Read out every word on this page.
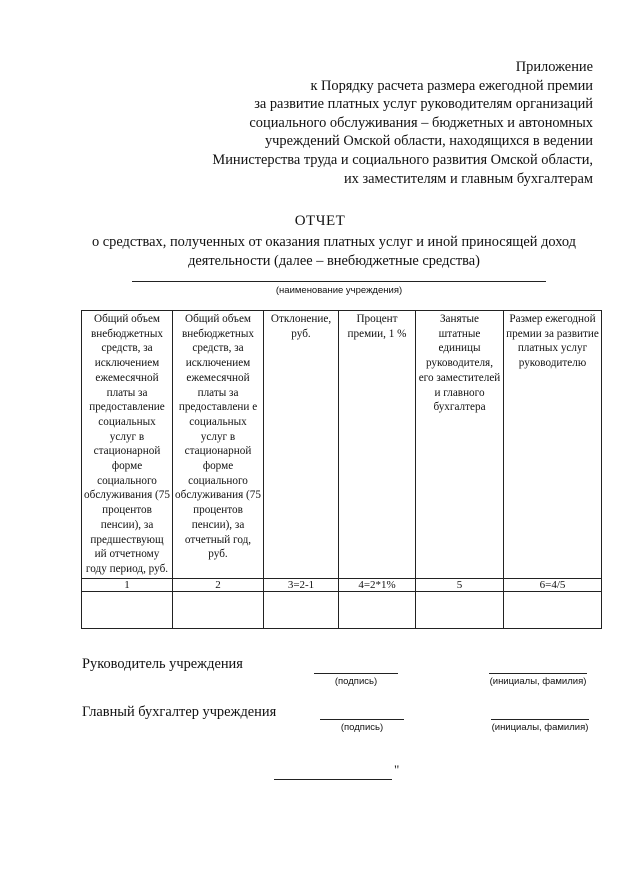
Приложение
к Порядку расчета размера ежегодной премии
за развитие платных услуг руководителям организаций
социального обслуживания – бюджетных и автономных
учреждений Омской области, находящихся в ведении
Министерства труда и социального развития Омской области,
их заместителям и главным бухгалтерам
ОТЧЕТ
о средствах, полученных от оказания платных услуг и иной приносящей доход деятельности (далее – внебюджетные средства)
(наименование учреждения)
Общий объем внебюджетных средств, за исключением ежемесячной платы за предоставление социальных услуг в стационарной форме социального обслуживания (75 процентов пенсии), за предшествующ ий отчетному году период, руб.	Общий объем внебюджетных средств, за исключением ежемесячной платы за предоставлени е социальных услуг в стационарной форме социального обслуживания (75 процентов пенсии), за отчетный год, руб.	Отклонение, руб.	Процент премии, 1 %	Занятые штатные единицы руководителя, его заместителей и главного бухгалтера	Размер ежегодной премии за развитие платных услуг руководителю
1	2	3=2-1	4=2*1%	5	6=4/5

Руководитель учреждения
(подпись)	(инициалы, фамилия)
Главный бухгалтер учреждения
(подпись)	(инициалы, фамилия)
"
